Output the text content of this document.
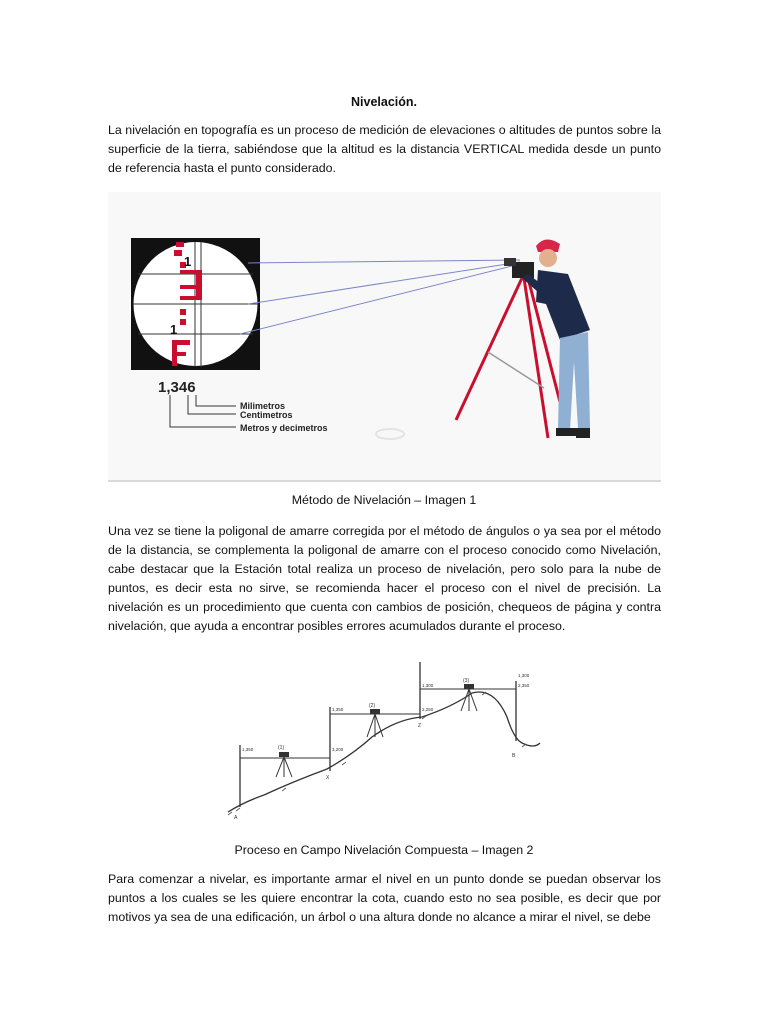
Nivelación.

La nivelación en topografía es un proceso de medición de elevaciones o altitudes de puntos sobre la superficie de la tierra, sabiéndose que la altitud es la distancia VERTICAL medida desde un punto de referencia hasta el punto considerado.

1
1
1,346
Milimetros
Centimetros
Metros y decimetros
Método de Nivelación – Imagen 1

Una vez se tiene la poligonal de amarre corregida por el método de ángulos o ya sea por el método de la distancia, se complementa la poligonal de amarre con el proceso conocido como Nivelación, cabe destacar que la Estación total realiza un proceso de nivelación, pero solo para la nube de puntos, es decir esta no sirve, se recomienda hacer el proceso con el nivel de precisión. La nivelación es un procedimiento que cuenta con cambios de posición, chequeos de página y contra nivelación, que ayuda a encontrar posibles errores acumulados durante el proceso.

(1)
(2)
(3)
1,350	3,200
1,350	2,250
1,300	2,350
1,300
A
X
Z
B
Proceso en Campo Nivelación Compuesta – Imagen 2

Para comenzar a nivelar, es importante armar el nivel en un punto donde se puedan observar los puntos a los cuales se les quiere encontrar la cota, cuando esto no sea posible, es decir que por motivos ya sea de una edificación, un árbol o una altura donde no alcance a mirar el nivel, se debe
